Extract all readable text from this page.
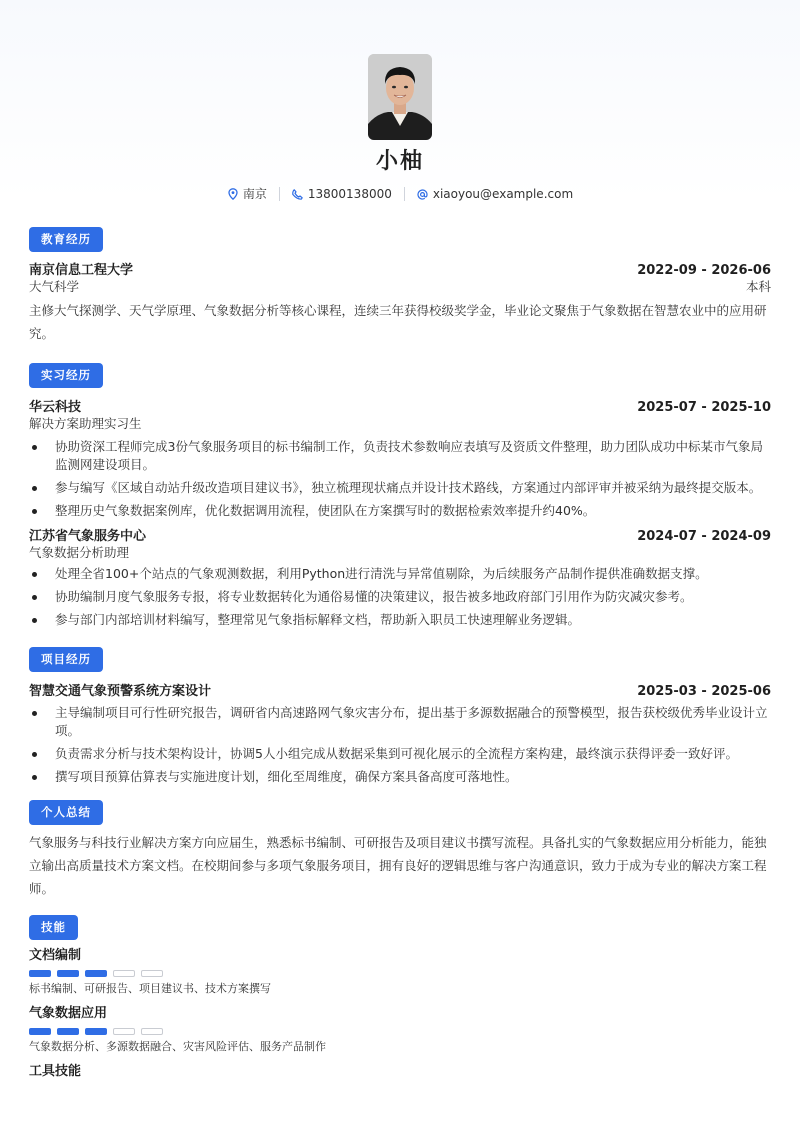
小柚
南京	13800138000	xiaoyou@example.com
教育经历
南京信息工程大学	2022-09 - 2026-06
大气科学	本科
主修大气探测学、天气学原理、气象数据分析等核心课程，连续三年获得校级奖学金，毕业论文聚焦于气象数据在智慧农业中的应用研究。
实习经历
华云科技	2025-07 - 2025-10
解决方案助理实习生
协助资深工程师完成3份气象服务项目的标书编制工作，负责技术参数响应表填写及资质文件整理，助力团队成功中标某市气象局监测网建设项目。
参与编写《区域自动站升级改造项目建议书》，独立梳理现状痛点并设计技术路线，方案通过内部评审并被采纳为最终提交版本。
整理历史气象数据案例库，优化数据调用流程，使团队在方案撰写时的数据检索效率提升约40%。
江苏省气象服务中心	2024-07 - 2024-09
气象数据分析助理
处理全省100+个站点的气象观测数据，利用Python进行清洗与异常值剔除，为后续服务产品制作提供准确数据支撑。
协助编制月度气象服务专报，将专业数据转化为通俗易懂的决策建议，报告被多地政府部门引用作为防灾减灾参考。
参与部门内部培训材料编写，整理常见气象指标解释文档，帮助新入职员工快速理解业务逻辑。
项目经历
智慧交通气象预警系统方案设计	2025-03 - 2025-06
主导编制项目可行性研究报告，调研省内高速路网气象灾害分布，提出基于多源数据融合的预警模型，报告获校级优秀毕业设计立项。
负责需求分析与技术架构设计，协调5人小组完成从数据采集到可视化展示的全流程方案构建，最终演示获得评委一致好评。
撰写项目预算估算表与实施进度计划，细化至周维度，确保方案具备高度可落地性。
个人总结
气象服务与科技行业解决方案方向应届生，熟悉标书编制、可研报告及项目建议书撰写流程。具备扎实的气象数据应用分析能力，能独立输出高质量技术方案文档。在校期间参与多项气象服务项目，拥有良好的逻辑思维与客户沟通意识，致力于成为专业的解决方案工程师。
技能
文档编制
标书编制、可研报告、项目建议书、技术方案撰写
气象数据应用
气象数据分析、多源数据融合、灾害风险评估、服务产品制作
工具技能
